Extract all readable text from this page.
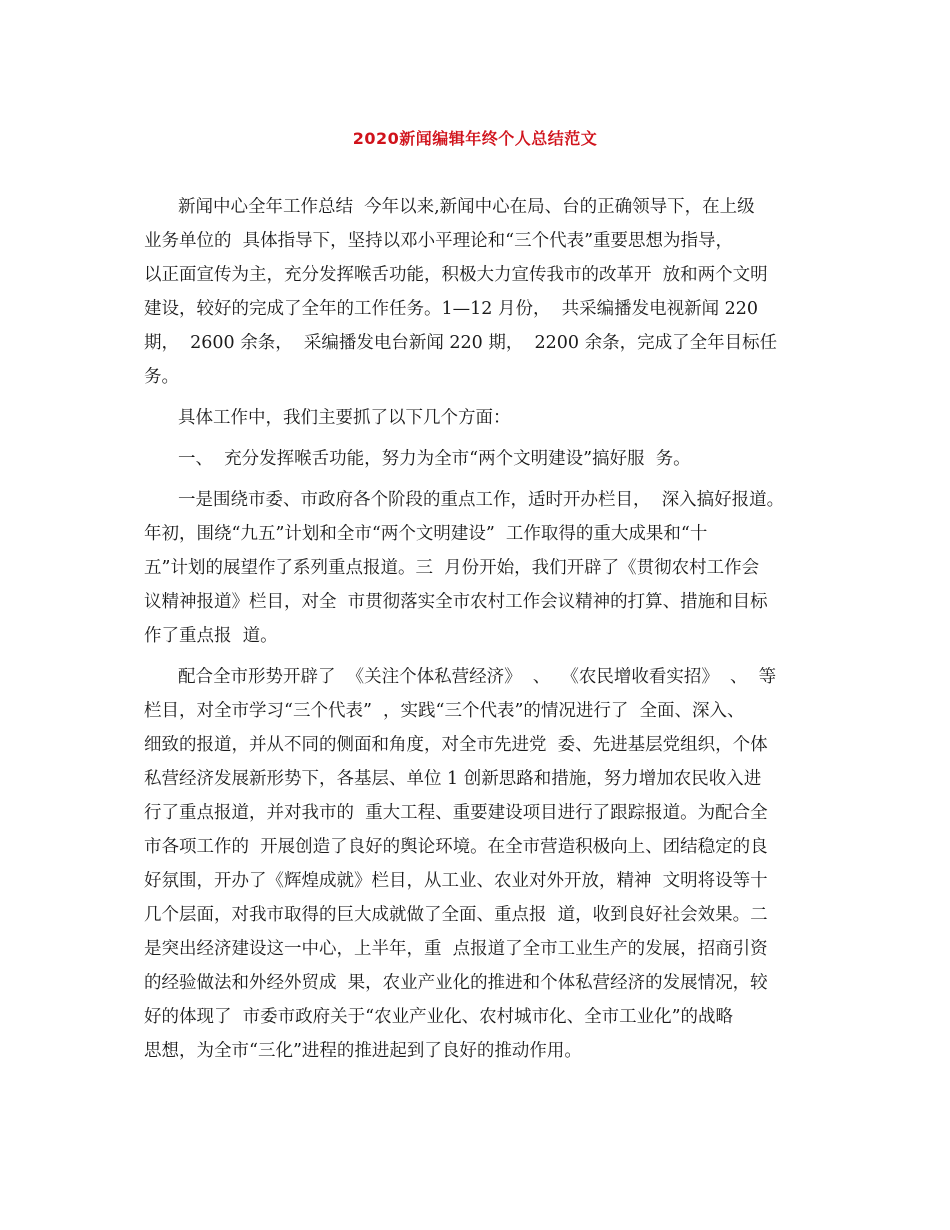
2020新闻编辑年终个人总结范文
新闻中心全年工作总结  今年以来,新闻中心在局、台的正确领导下，在上级
业务单位的  具体指导下，坚持以邓小平理论和“三个代表”重要思想为指导，
以正面宣传为主，充分发挥喉舌功能，积极大力宣传我市的改革开  放和两个文明
建设，较好的完成了全年的工作任务。1—12 月份，  共采编播发电视新闻 220
期，  2600 余条，  采编播发电台新闻 220 期，  2200 余条，完成了全年目标任
务。
具体工作中，我们主要抓了以下几个方面：
一、  充分发挥喉舌功能，努力为全市“两个文明建设”搞好服  务。
一是围绕市委、市政府各个阶段的重点工作，适时开办栏目，  深入搞好报道。
年初，围绕“九五”计划和全市“两个文明建设”  工作取得的重大成果和“十
五”计划的展望作了系列重点报道。三  月份开始，我们开辟了《贯彻农村工作会
议精神报道》栏目，对全  市贯彻落实全市农村工作会议精神的打算、措施和目标
作了重点报  道。
配合全市形势开辟了  《关注个体私营经济》  、  《农民增收看实招》  、  等
栏目，对全市学习“三个代表”  ，实践“三个代表”的情况进行了  全面、深入、
细致的报道，并从不同的侧面和角度，对全市先进党  委、先进基层党组织，个体
私营经济发展新形势下，各基层、单位 1 创新思路和措施，努力增加农民收入进
行了重点报道，并对我市的  重大工程、重要建设项目进行了跟踪报道。为配合全
市各项工作的  开展创造了良好的舆论环境。在全市营造积极向上、团结稳定的良
好氛围，开办了《辉煌成就》栏目，从工业、农业对外开放，精神  文明将设等十
几个层面，对我市取得的巨大成就做了全面、重点报  道，收到良好社会效果。二
是突出经济建设这一中心，上半年，重  点报道了全市工业生产的发展，招商引资
的经验做法和外经外贸成  果，农业产业化的推进和个体私营经济的发展情况，较
好的体现了  市委市政府关于“农业产业化、农村城市化、全市工业化”的战略
思想，为全市“三化”进程的推进起到了良好的推动作用。
